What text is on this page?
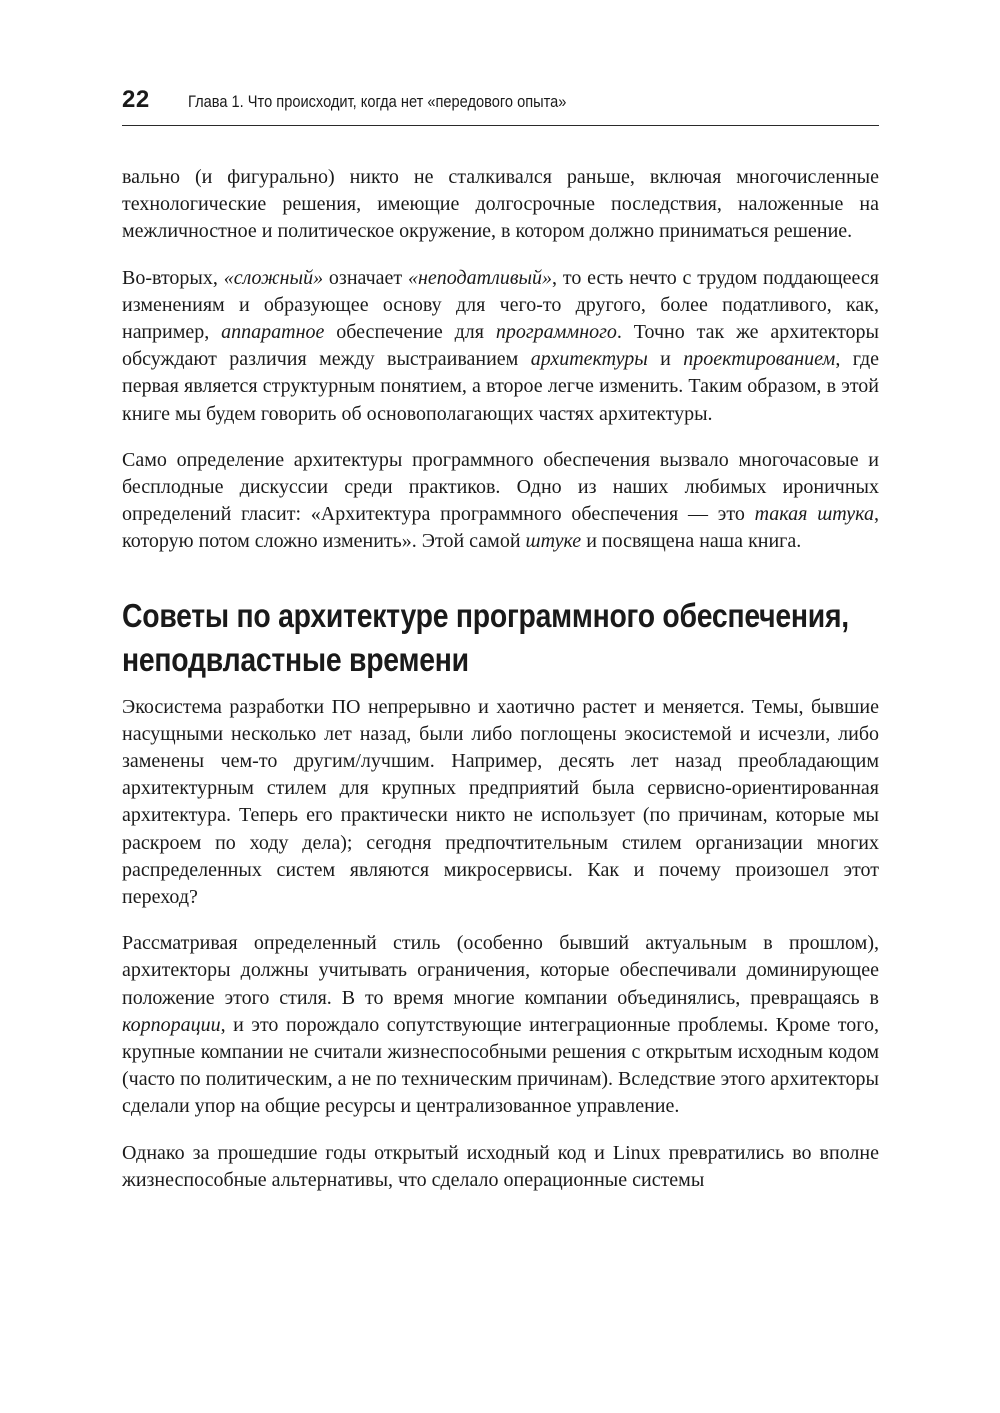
22 Глава 1. Что происходит, когда нет «передового опыта»

вально (и фигурально) никто не сталкивался раньше, включая многочисленные технологические решения, имеющие долгосрочные последствия, наложенные на межличностное и политическое окружение, в котором должно приниматься решение.

Во-вторых, «сложный» означает «неподатливый», то есть нечто с трудом поддающееся изменениям и образующее основу для чего-то другого, более податливого, как, например, аппаратное обеспечение для программного. Точно так же архитекторы обсуждают различия между выстраиванием архитектуры и проектированием, где первая является структурным понятием, а второе легче изменить. Таким образом, в этой книге мы будем говорить об основополагающих частях архитектуры.

Само определение архитектуры программного обеспечения вызвало многочасовые и бесплодные дискуссии среди практиков. Одно из наших любимых ироничных определений гласит: «Архитектура программного обеспечения — это такая штука, которую потом сложно изменить». Этой самой штуке и посвящена наша книга.

Советы по архитектуре программного обеспечения, неподвластные времени

Экосистема разработки ПО непрерывно и хаотично растет и меняется. Темы, бывшие насущными несколько лет назад, были либо поглощены экосистемой и исчезли, либо заменены чем-то другим/лучшим. Например, десять лет назад преобладающим архитектурным стилем для крупных предприятий была сервисно-ориентированная архитектура. Теперь его практически никто не использует (по причинам, которые мы раскроем по ходу дела); сегодня предпочтительным стилем организации многих распределенных систем являются микросервисы. Как и почему произошел этот переход?

Рассматривая определенный стиль (особенно бывший актуальным в прошлом), архитекторы должны учитывать ограничения, которые обеспечивали доминирующее положение этого стиля. В то время многие компании объединялись, превращаясь в корпорации, и это порождало сопутствующие интеграционные проблемы. Кроме того, крупные компании не считали жизнеспособными решения с открытым исходным кодом (часто по политическим, а не по техническим причинам). Вследствие этого архитекторы сделали упор на общие ресурсы и централизованное управление.

Однако за прошедшие годы открытый исходный код и Linux превратились во вполне жизнеспособные альтернативы, что сделало операционные системы
